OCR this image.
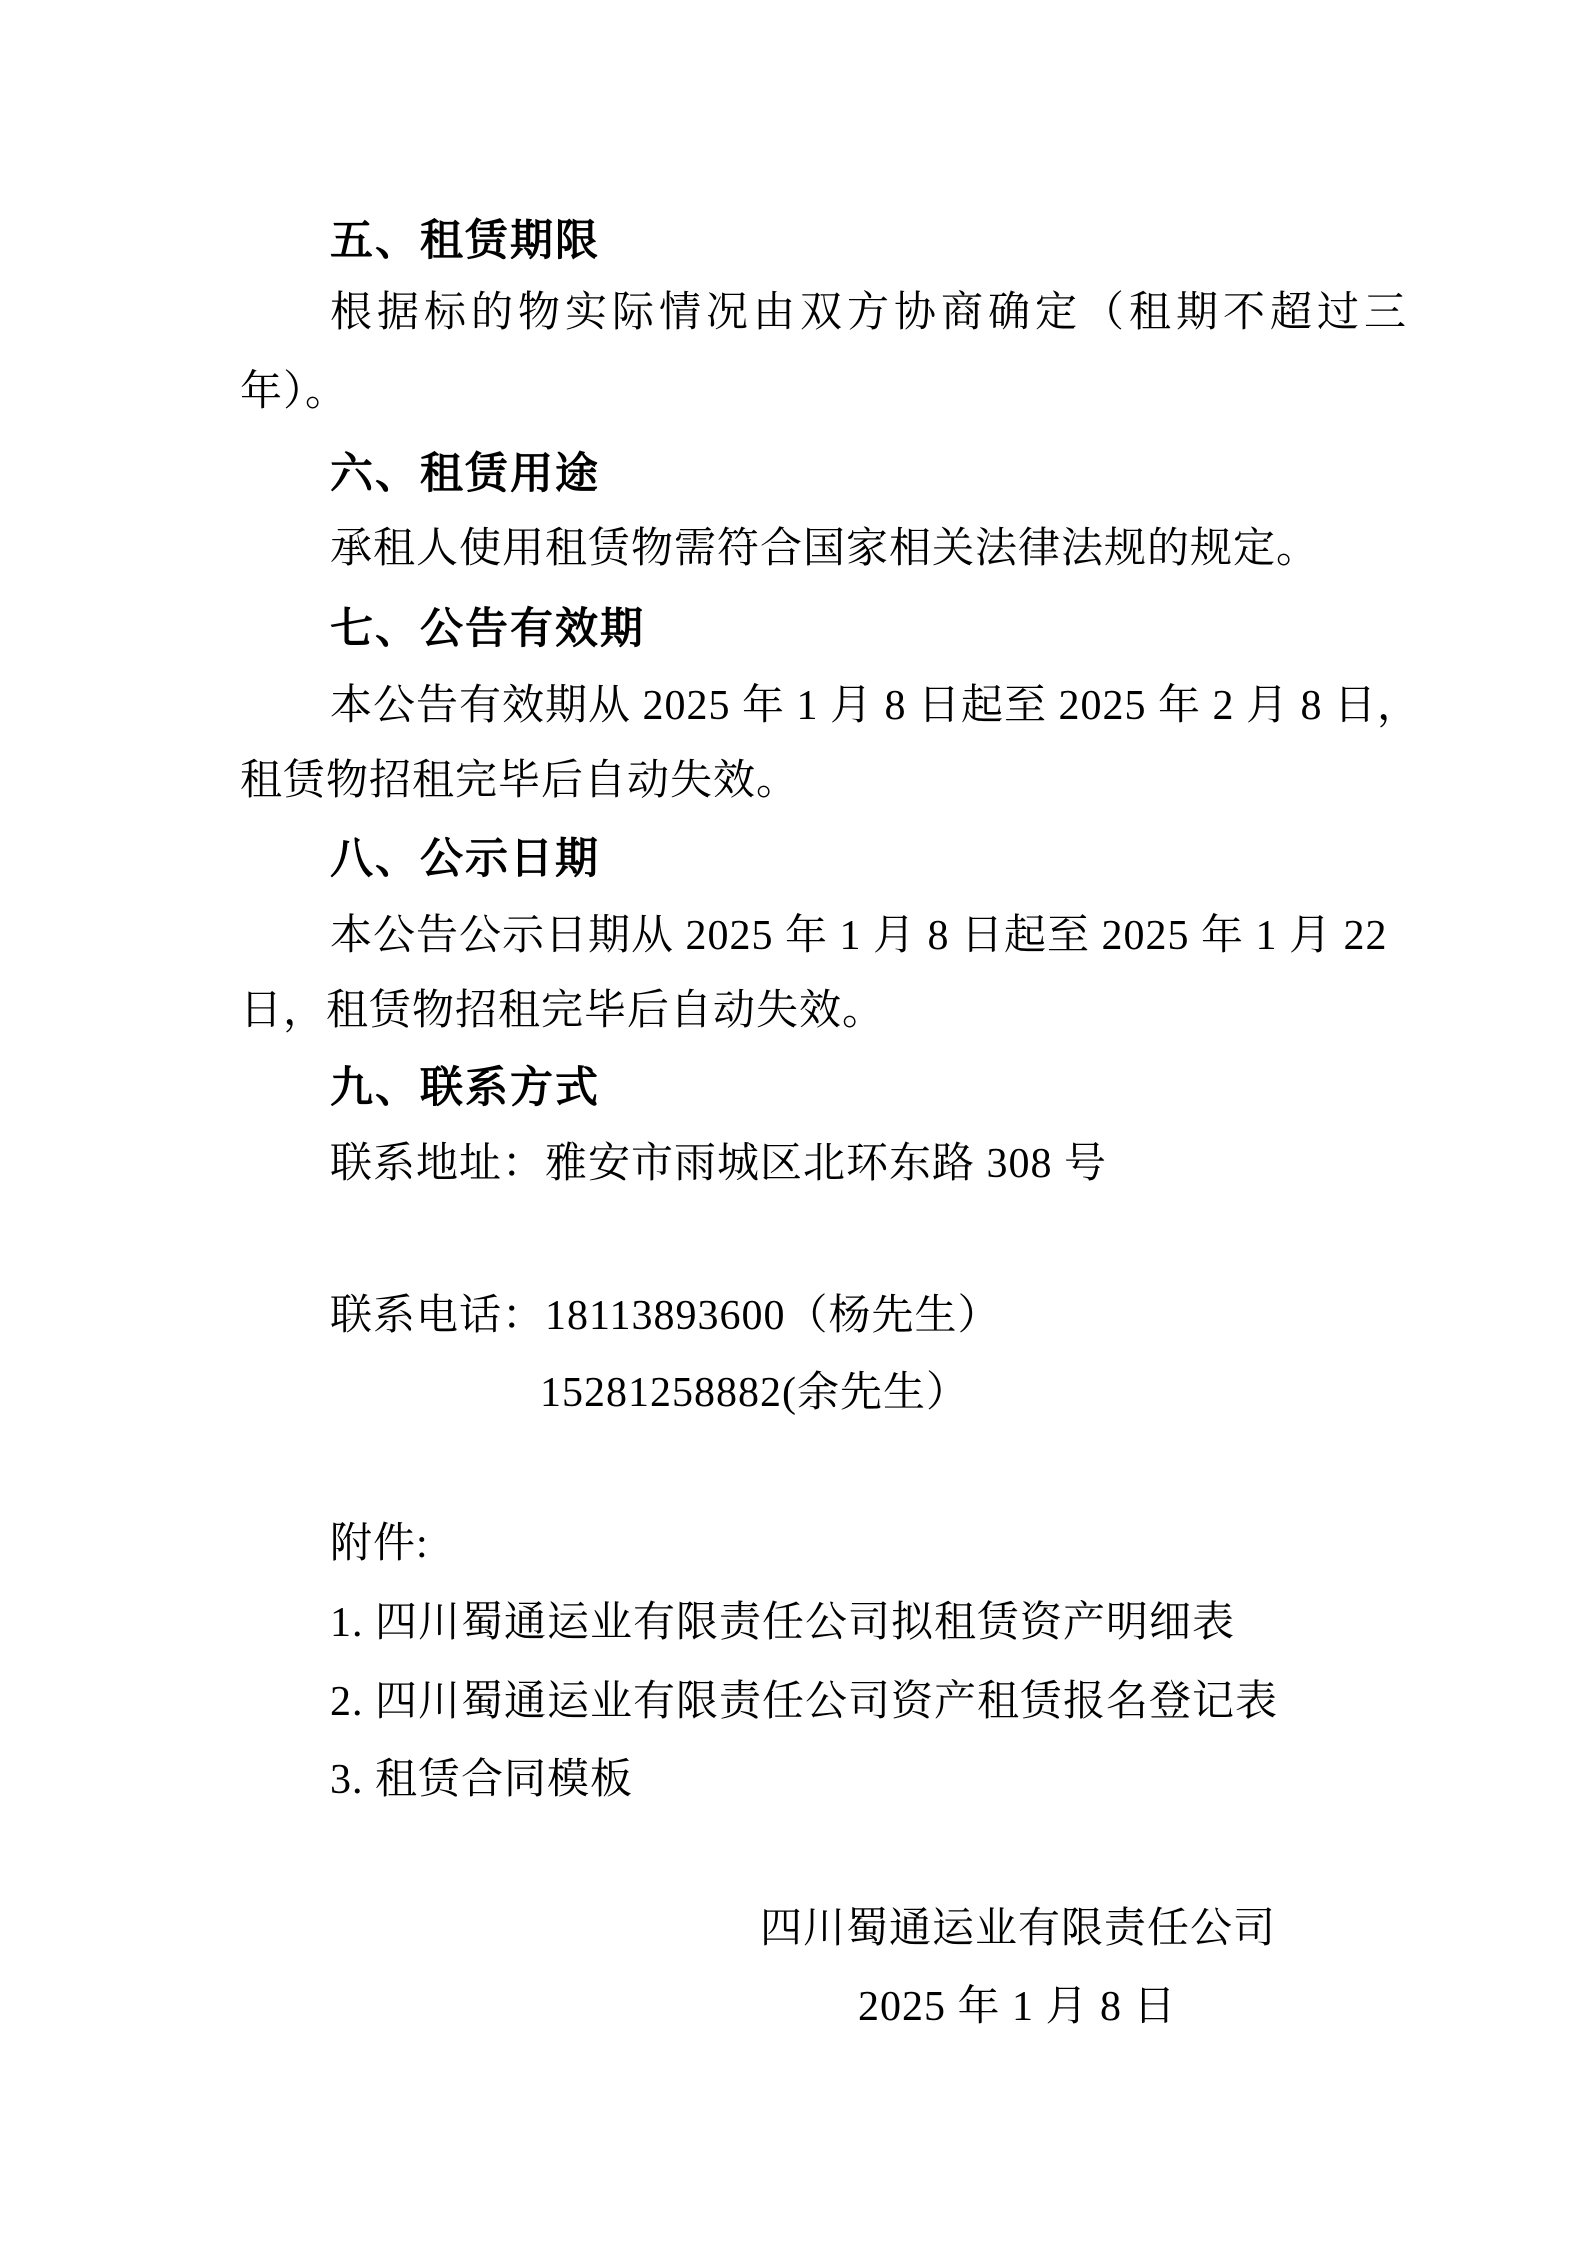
五、租赁期限
根据标的物实际情况由双方协商确定（租期不超过三
年）。
六、租赁用途
承租人使用租赁物需符合国家相关法律法规的规定。
七、公告有效期
本公告有效期从 2025 年 1 月 8 日起至 2025 年 2 月 8 日，
租赁物招租完毕后自动失效。
八、公示日期
本公告公示日期从 2025 年 1 月 8 日起至 2025 年 1 月 22
日，租赁物招租完毕后自动失效。
九、联系方式
联系地址：雅安市雨城区北环东路 308 号
联系电话：18113893600（杨先生）
15281258882(余先生）
附件:
1. 四川蜀通运业有限责任公司拟租赁资产明细表
2. 四川蜀通运业有限责任公司资产租赁报名登记表
3. 租赁合同模板
四川蜀通运业有限责任公司
2025 年 1 月 8 日
